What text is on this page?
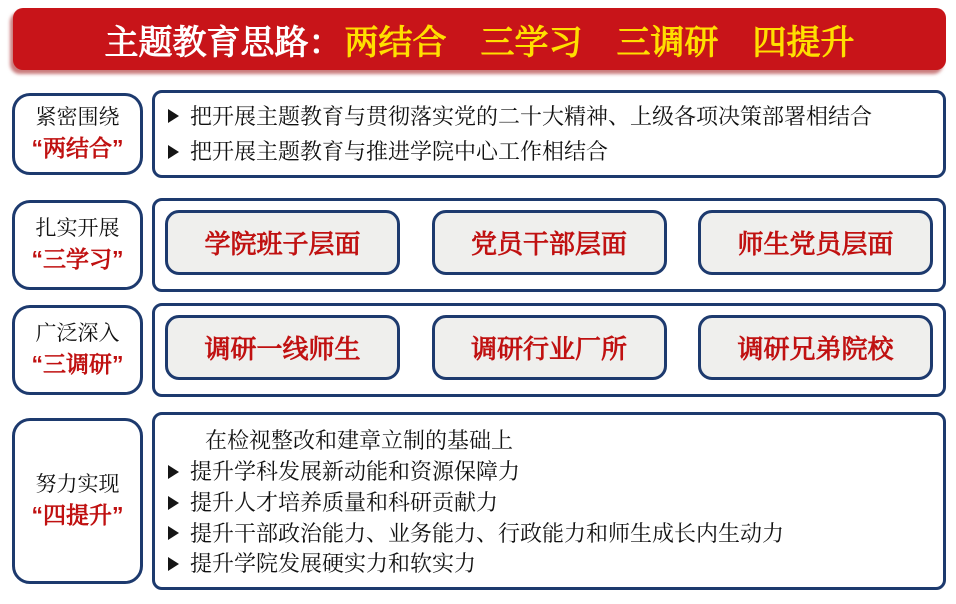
主题教育思路： 两结合　三学习　三调研　四提升
紧密围绕
“两结合”
把开展主题教育与贯彻落实党的二十大精神、上级各项决策部署相结合
把开展主题教育与推进学院中心工作相结合
扎实开展
“三学习”
学院班子层面	党员干部层面	师生党员层面
广泛深入
“三调研”
调研一线师生	调研行业厂所	调研兄弟院校
努力实现
“四提升”
在检视整改和建章立制的基础上
提升学科发展新动能和资源保障力
提升人才培养质量和科研贡献力
提升干部政治能力、业务能力、行政能力和师生成长内生动力
提升学院发展硬实力和软实力
